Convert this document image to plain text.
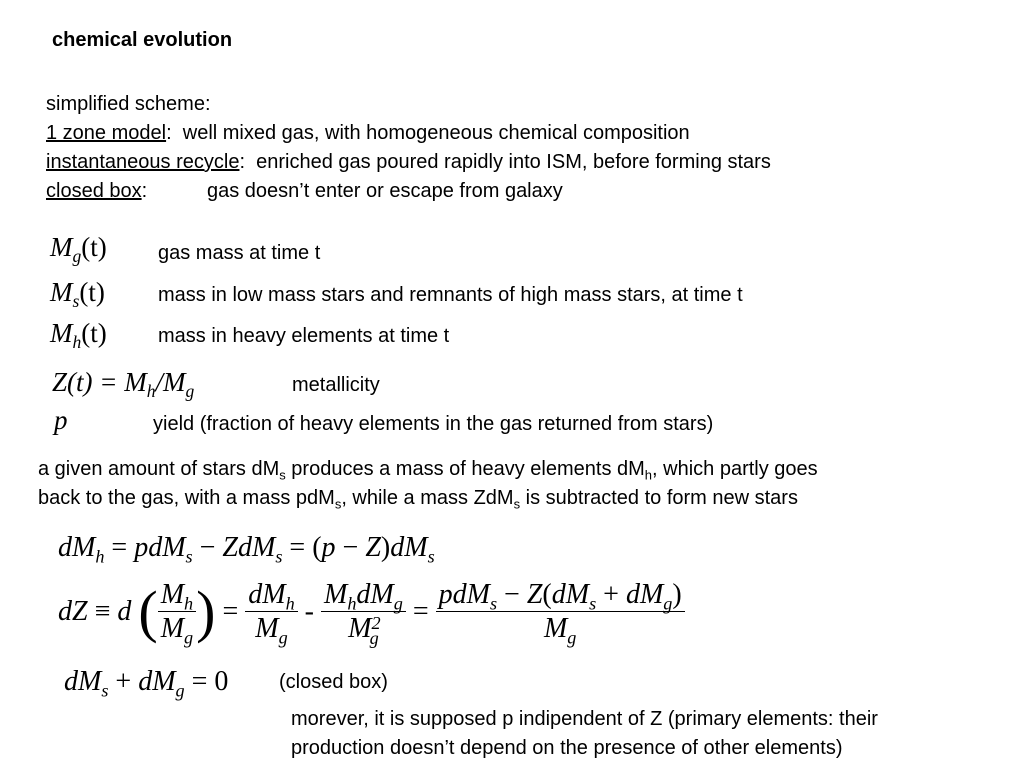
chemical evolution
simplified scheme:
1 zone model:  well mixed gas, with homogeneous chemical composition
instantaneous recycle:  enriched gas poured rapidly into ISM, before forming stars
closed box:	gas doesn’t enter or escape from galaxy
$M_g(t)$	gas mass at time t
$M_s(t)$	mass in low mass stars and remnants of high mass stars, at time t
$M_h(t)$	mass in heavy elements at time t
$Z(t) = M_h/M_g$	metallicity
p	yield (fraction of heavy elements in the gas returned from stars)
a given amount of stars $dM_s$ produces a mass of heavy elements $dM_h$, which partly goes
back to the gas, with a mass pdM$_s$, while a mass ZdM$_s$ is subtracted to form new stars
$dM_h = pdM_s - ZdM_s = (p - Z)dM_s$
dZ ≡ d ( $\frac{M_h}{M_g}$ ) = $\frac{dM_h}{M_g} - \frac{M_hdM_g}{M^2_g} = \frac{pdM_s - Z(dM_s + dM_g)}{M_g}$
$dM_s + dM_g = 0$	(closed box)
morever, it is supposed p indipendent of Z (primary elements: their
production doesn’t depend on the presence of other elements)
